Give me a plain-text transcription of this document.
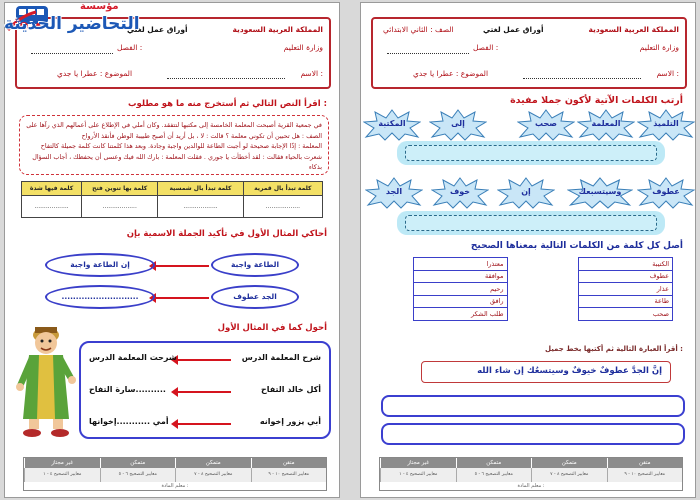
مؤسسة
التحاضير الحديثة	المملكة العربية السعودية
وزارة التعليم
أوراق عمل لغتي
الفصل :
الاسم :
الموضوع : عطرا يا جدي
اقرأ النص التالي ثم أستخرج منه ما هو مطلوب :
في جمعية القرية أصبحت المعلمة الخامسة إلى مكتبها لتتفقد. وكان أملي في الإطلاع على أعمالهم الذي رآها على
الصف : هل تحبين أن تكوني معلمة ؟ قالت : لا ، بل أريد أن أصبح طبيبة الوطن فأنقذ الأرواح
المعلمة : إذًا الإجابة صحيحة لو أجبت الطاعة للوالدين واجبة وجادة. وبعد هذا كلمتنا كانت كلمة جميلة كالتفاح
شعرت بالحياء فقالت : لقد أخطأت يا جوري . فقلت المعلمة : بارك الله فيك وعسى أن يحفظك ، أجاب السؤال بذكاء
كلمة فيها شدة	كلمة بها تنوين فتح	كلمة تبدأ بال شمسية	كلمة تبدأ بال قمرية
..................	..................	..................	..................
أحاكي المثال الأول في تأكيد الجملة الاسمية بإن
الطاعة واجبة
إن الطاعة واجبة
الجد عطوف
...........................
أحول كما في المثال الأول
شرح المعلمة الدرس
شرحت المعلمة الدرس
أكل خالد التفاح
..........سارة التفاح
أبي يزور إخوانه
أمي ...........إخوانها
غير مجتاز	متمكن	متمكن	متقن
معايير التصحيح ٤ - ١	معايير التصحيح ٦ - ٥	معايير التصحيح ٨ - ٧	معايير التصحيح ١٠ - ٩
معلم المادة :
المملكة العربية السعودية
وزارة التعليم
أوراق عمل لغتي
الصف : الثاني الابتدائي
الفصل :
الاسم :
الموضوع : عطرا يا جدي
أرتب الكلمات الآتية لأكون جملا مفيدة
التلميذ
المعلمة
صحب
إلى
المكتبة
عطوف
وسيتسبعك
إن
خوف
الجد
أصل كل كلمة من الكلمات التالية بمعناها الصحيح
معتذرا		الكتيبة
موافقة		عطوف
رحيم		عذار
رافق		طاعة
طلب الشكر		صحب
أقرأ العبارة التالية ثم أكتبها بخط جميل :
إنَّ الجدَّ عطوفٌ خيوفٌ وسيتسعُك إن شاء الله
غير مجتاز	متمكن	متمكن	متقن
معايير التصحيح ٤ - ١	معايير التصحيح ٦ - ٥	معايير التصحيح ٨ - ٧	معايير التصحيح ١٠ - ٩
معلم المادة :
